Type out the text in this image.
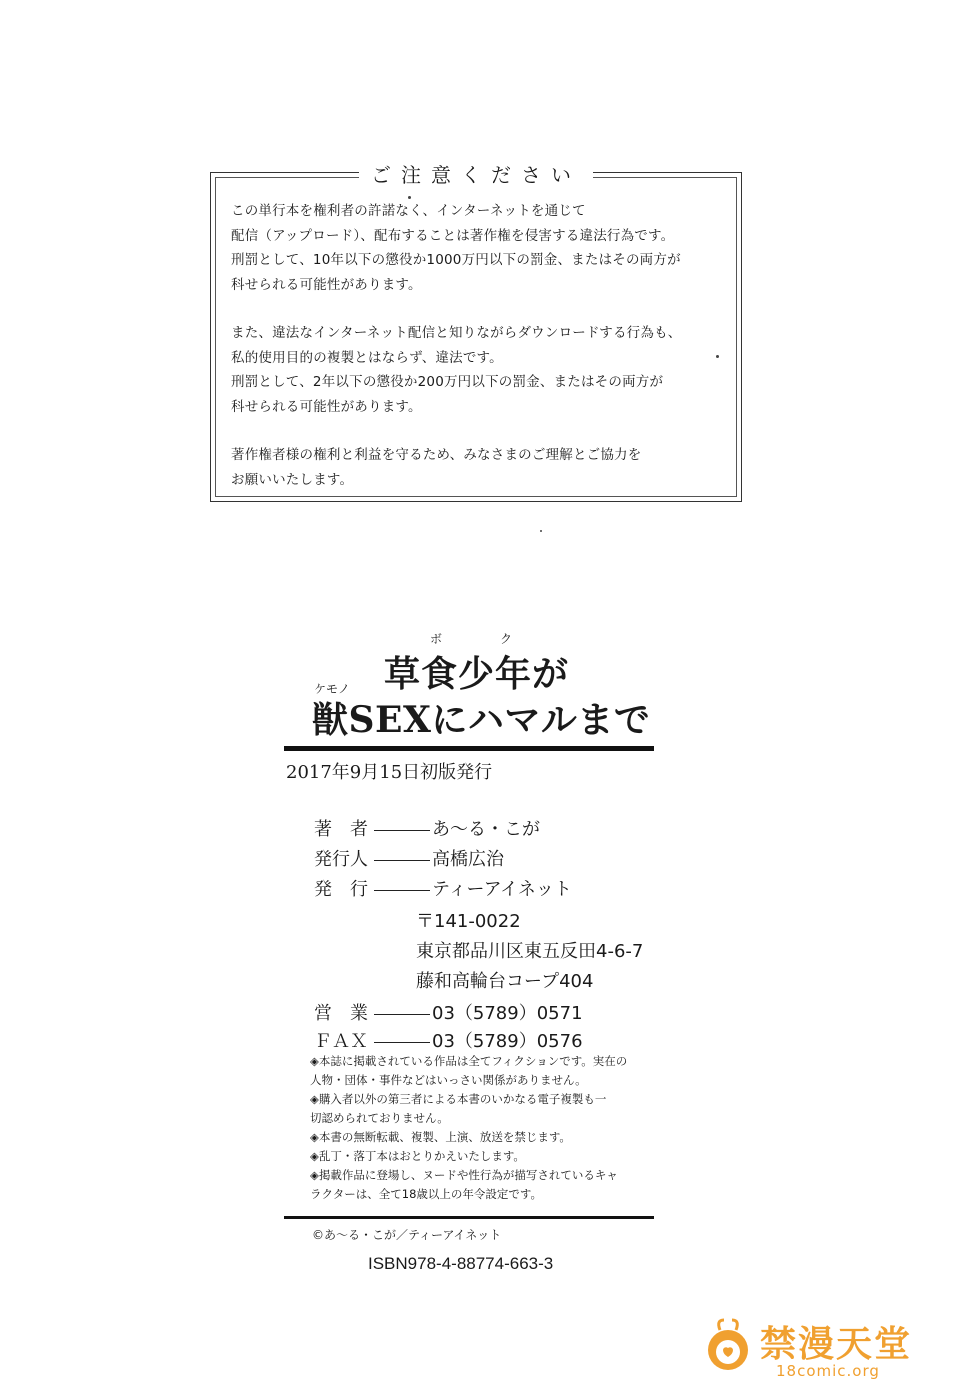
ご注意ください

この単行本を権利者の許諾なく、インターネットを通じて
配信（アップロード）、配布することは著作権を侵害する違法行為です。
刑罰として、10年以下の懲役か1000万円以下の罰金、またはその両方が
科せられる可能性があります。

また、違法なインターネット配信と知りながらダウンロードする行為も、
私的使用目的の複製とはならず、違法です。
刑罰として、2年以下の懲役か200万円以下の罰金、またはその両方が
科せられる可能性があります。

著作権者様の権利と利益を守るため、みなさまのご理解とご協力を
お願いいたします。

ボ	ク
草食少年が
ケモノ
獣SEXにハマルまで
2017年9月15日初版発行
著　者	あ〜る・こが
発行人	高橋広治
発　行	ティーアイネット
〒141-0022
東京都品川区東五反田4-6-7
藤和高輪台コープ404
営　業	03（5789）0571
ＦＡＸ	03（5789）0576
◈本誌に掲載されている作品は全てフィクションです。実在の
人物・団体・事件などはいっさい関係がありません。
◈購入者以外の第三者による本書のいかなる電子複製も一
切認められておりません。
◈本書の無断転載、複製、上演、放送を禁じます。
◈乱丁・落丁本はおとりかえいたします。
◈掲載作品に登場し、ヌードや性行為が描写されているキャ
ラクターは、全て18歳以上の年令設定です。
©あ〜る・こが／ティーアイネット
ISBN978-4-88774-663-3
禁漫天堂
18comic.org
